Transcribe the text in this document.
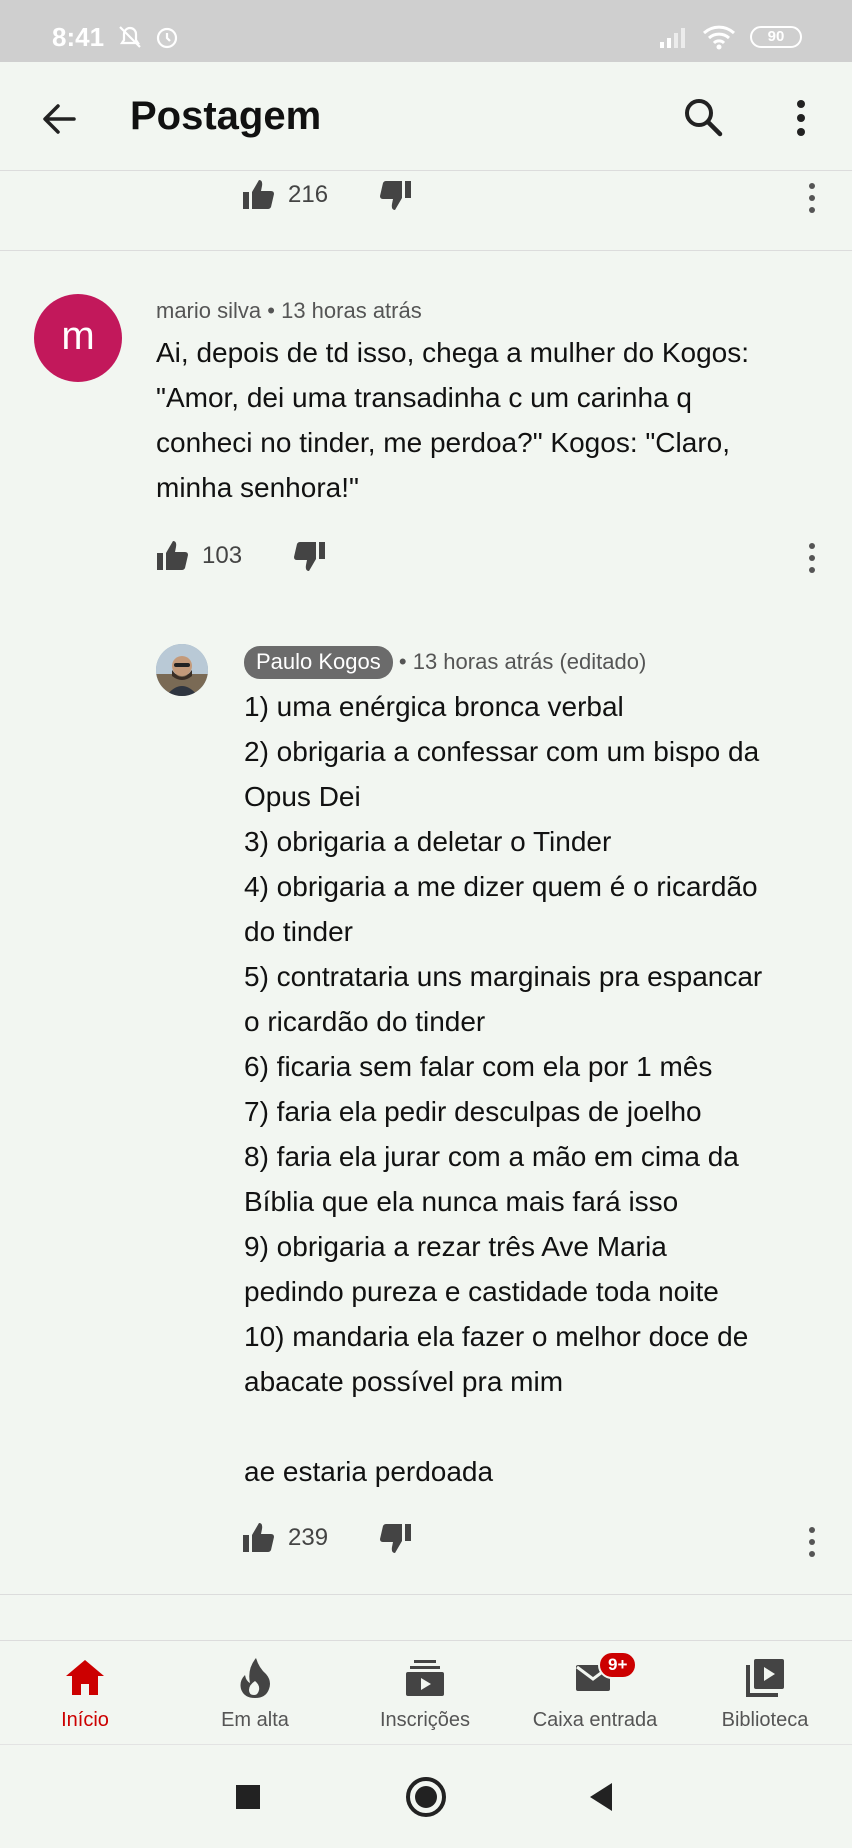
8:41	90
Postagem
216
m
mario silva • 13 horas atrás
Ai, depois de td isso, chega a mulher do Kogos:
"Amor, dei uma transadinha c um carinha q
conheci no tinder, me perdoa?" Kogos: "Claro,
minha senhora!"
103
Paulo Kogos • 13 horas atrás (editado)
1) uma enérgica bronca verbal
2) obrigaria a confessar com um bispo da
Opus Dei
3) obrigaria a deletar o Tinder
4) obrigaria a me dizer quem é o ricardão
do tinder
5) contrataria uns marginais pra espancar
o ricardão do tinder
6) ficaria sem falar com ela por 1 mês
7) faria ela pedir desculpas de joelho
8) faria ela jurar com a mão em cima da
Bíblia que ela nunca mais fará isso
9) obrigaria a rezar três Ave Maria
pedindo pureza e castidade toda noite
10) mandaria ela fazer o melhor doce de
abacate possível pra mim

ae estaria perdoada
239
Início	Em alta	Inscrições
9+
Caixa entrada	Biblioteca
